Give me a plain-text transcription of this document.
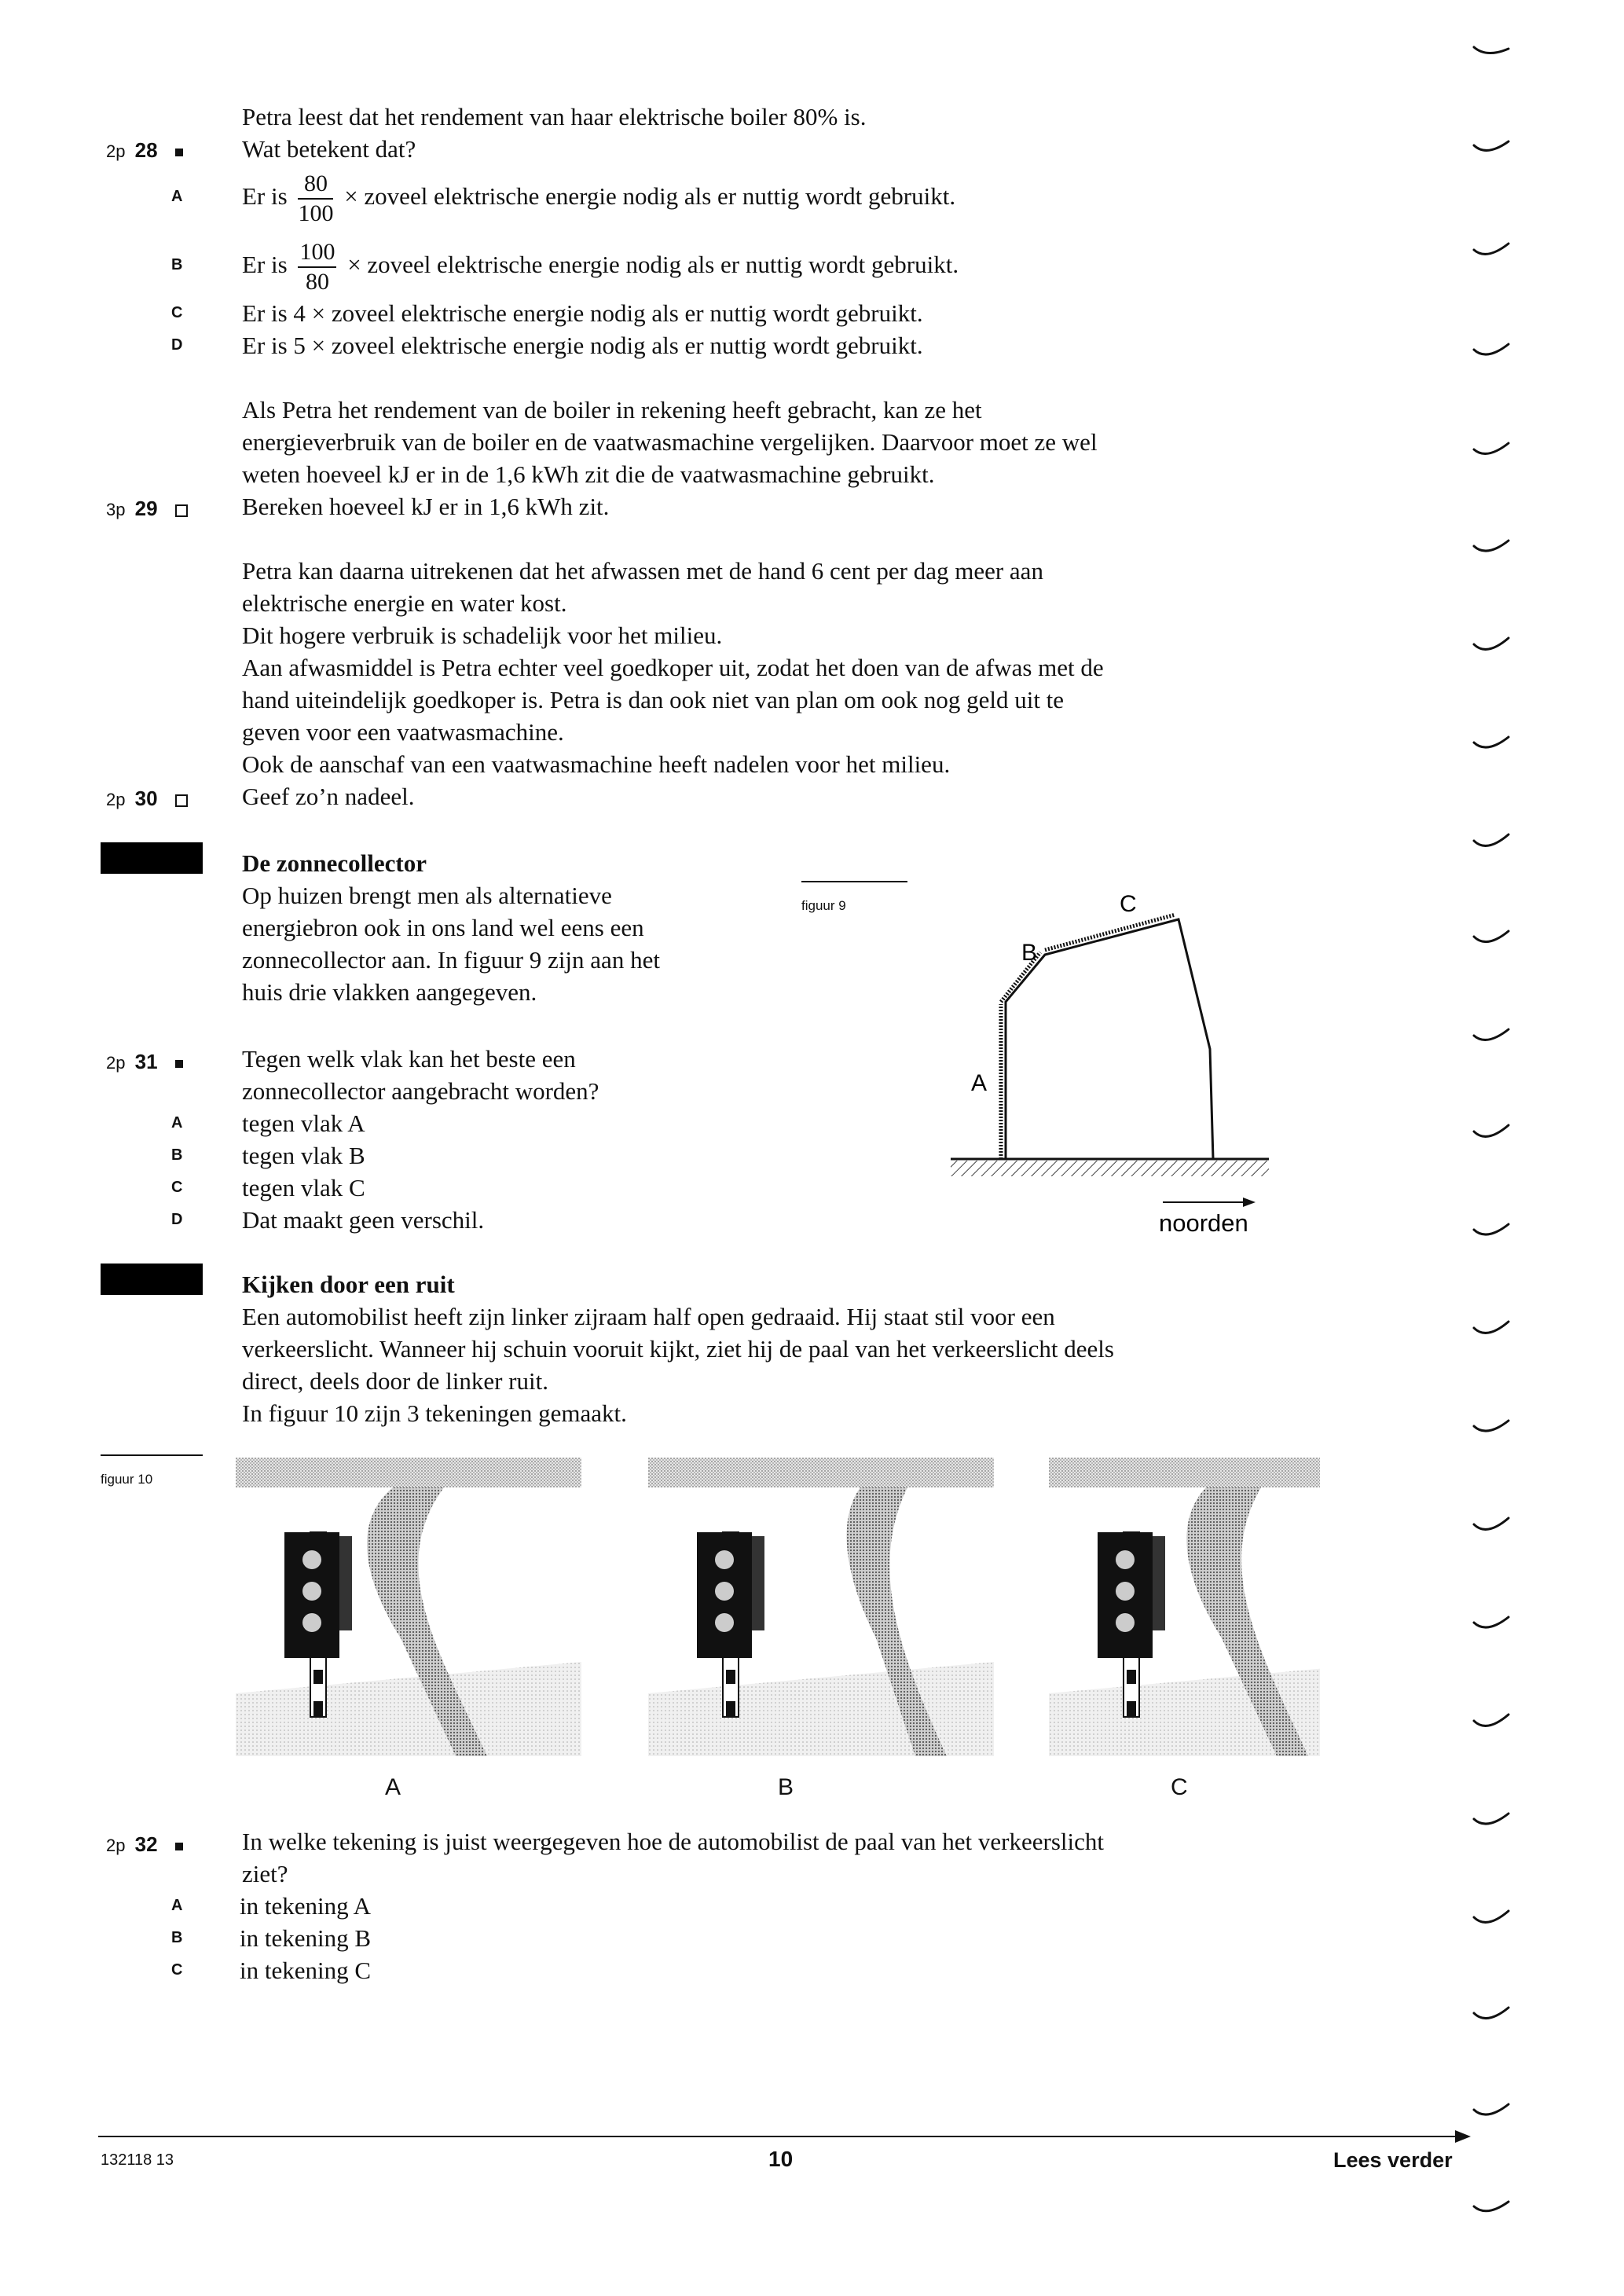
Petra leest dat het rendement van haar elektrische boiler 80% is.
2p 28	Wat betekent dat?
A Er is $\frac{80}{100}$ × zoveel elektrische energie nodig als er nuttig wordt gebruikt.
B Er is $\frac{100}{80}$ × zoveel elektrische energie nodig als er nuttig wordt gebruikt.
C Er is 4 × zoveel elektrische energie nodig als er nuttig wordt gebruikt.
D Er is 5 × zoveel elektrische energie nodig als er nuttig wordt gebruikt.
Als Petra het rendement van de boiler in rekening heeft gebracht, kan ze het
energieverbruik van de boiler en de vaatwasmachine vergelijken. Daarvoor moet ze wel
weten hoeveel kJ er in de 1,6 kWh zit die de vaatwasmachine gebruikt.
3p 29	Bereken hoeveel kJ er in 1,6 kWh zit.
Petra kan daarna uitrekenen dat het afwassen met de hand 6 cent per dag meer aan
elektrische energie en water kost.
Dit hogere verbruik is schadelijk voor het milieu.
Aan afwasmiddel is Petra echter veel goedkoper uit, zodat het doen van de afwas met de
hand uiteindelijk goedkoper is. Petra is dan ook niet van plan om ook nog geld uit te
geven voor een vaatwasmachine.
Ook de aanschaf van een vaatwasmachine heeft nadelen voor het milieu.
2p 30	Geef zo’n nadeel.
De zonnecollector
Op huizen brengt men als alternatieve
energiebron ook in ons land wel eens een
zonnecollector aan. In figuur 9 zijn aan het
huis drie vlakken aangegeven.
figuur 9
A
B
C
noorden
2p 31	Tegen welk vlak kan het beste een
zonnecollector aangebracht worden?
A tegen vlak A
B tegen vlak B
C tegen vlak C
D Dat maakt geen verschil.
Kijken door een ruit
Een automobilist heeft zijn linker zijraam half open gedraaid. Hij staat stil voor een
verkeerslicht. Wanneer hij schuin vooruit kijkt, ziet hij de paal van het verkeerslicht deels
direct, deels door de linker ruit.
In figuur 10 zijn 3 tekeningen gemaakt.
figuur 10
A	B	C
2p 32	In welke tekening is juist weergegeven hoe de automobilist de paal van het verkeerslicht
ziet?
A in tekening A
B in tekening B
C in tekening C
132118 13	10	Lees verder
